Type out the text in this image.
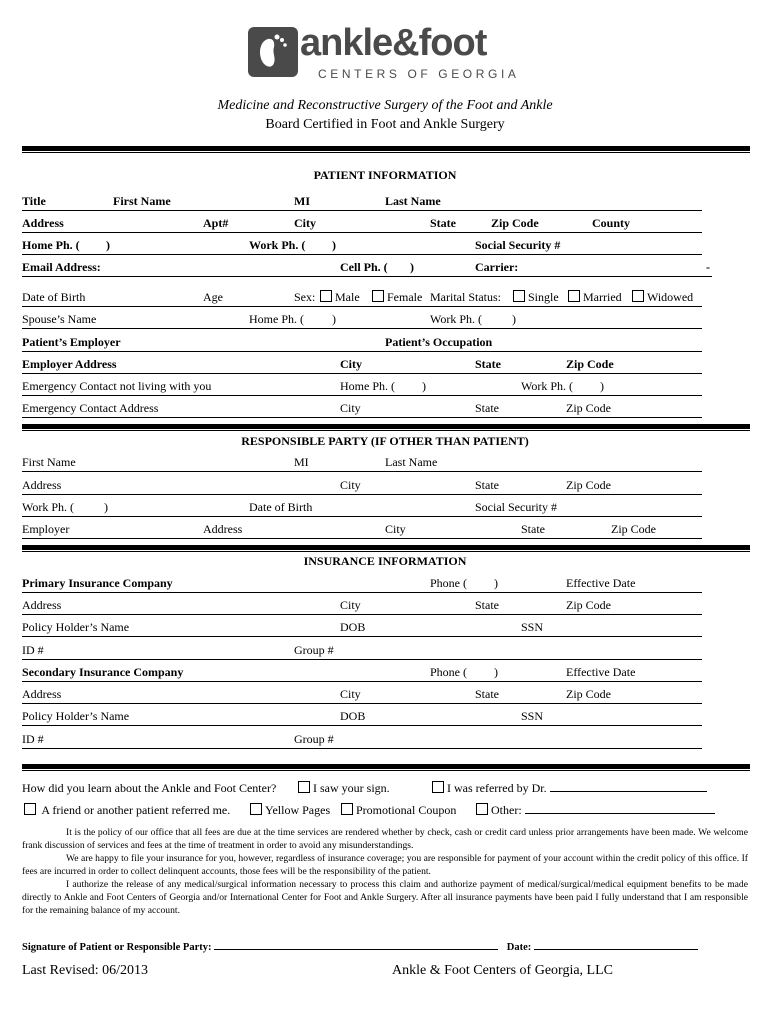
ankle&foot
CENTERS OF GEORGIA
Medicine and Reconstructive Surgery of the Foot and Ankle
Board Certified in Foot and Ankle Surgery
PATIENT INFORMATION
Title	First Name	MI	Last Name
Address	Apt#	City	State	Zip Code	County
Home Ph. ( )	Work Ph. ( )	Social Security #
Email Address:	Cell Ph. ( )	Carrier:	-
Date of Birth	Age	Sex:	Male	Female Marital Status:	Single	Married	Widowed
Spouse’s Name	Home Ph. ( )	Work Ph. ( )
Patient’s Employer	Patient’s Occupation
Employer Address	City	State	Zip Code
Emergency Contact not living with you	Home Ph. ( )	Work Ph. ( )
Emergency Contact Address	City	State	Zip Code
RESPONSIBLE PARTY (IF OTHER THAN PATIENT)
First Name	MI	Last Name
Address	City	State	Zip Code
Work Ph. ( )	Date of Birth	Social Security #
Employer	Address	City	State	Zip Code
INSURANCE INFORMATION
Primary Insurance Company	Phone ( )	Effective Date
Address	City	State	Zip Code
Policy Holder’s Name	DOB	SSN
ID #	Group #
Secondary Insurance Company	Phone ( )	Effective Date
Address	City	State	Zip Code
Policy Holder’s Name	DOB	SSN
ID #	Group #
How did you learn about the Ankle and Foot Center?	I saw your sign.	I was referred by Dr.
A friend or another patient referred me.	Yellow Pages	Promotional Coupon	Other:

It is the policy of our office that all fees are due at the time services are rendered whether by check, cash or credit card unless prior arrangements have been made. We welcome frank discussion of services and fees at the time of treatment in order to avoid any misunderstandings.

We are happy to file your insurance for you, however, regardless of insurance coverage; you are responsible for payment of your account within the credit policy of this office. If fees are incurred in order to collect delinquent accounts, those fees will be the responsibility of the patient.

I authorize the release of any medical/surgical information necessary to process this claim and authorize payment of medical/surgical/medical equipment benefits to be made directly to Ankle and Foot Centers of Georgia and/or International Center for Foot and Ankle Surgery. After all insurance payments have been paid I fully understand that I am responsible for the remaining balance of my account.

Signature of Patient or Responsible Party:	Date:
Last Revised: 06/2013	Ankle & Foot Centers of Georgia, LLC
